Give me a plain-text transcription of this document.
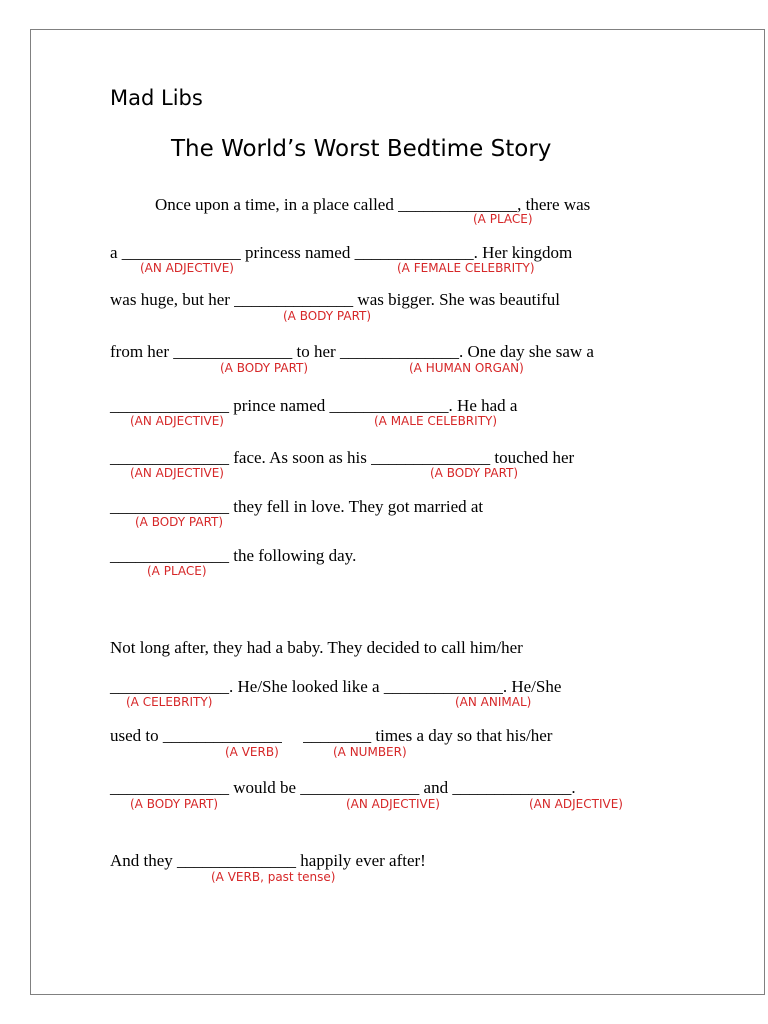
Mad Libs
The World’s Worst Bedtime Story
Once upon a time, in a place called ______________, there was
(A PLACE)
a ______________ princess named ______________. Her kingdom
(AN ADJECTIVE)	(A FEMALE CELEBRITY)
was huge, but her ______________ was bigger. She was beautiful
(A BODY PART)
from her ______________ to her ______________. One day she saw a
(A BODY PART)	(A HUMAN ORGAN)
______________ prince named ______________. He had a
(AN ADJECTIVE)	(A MALE CELEBRITY)
______________ face. As soon as his ______________ touched her
(AN ADJECTIVE)	(A BODY PART)
______________ they fell in love. They got married at
(A BODY PART)
______________ the following day.
(A PLACE)
Not long after, they had a baby. They decided to call him/her
______________. He/She looked like a ______________. He/She
(A CELEBRITY)	(AN ANIMAL)
used to ______________ ________ times a day so that his/her
(A VERB)	(A NUMBER)
______________ would be ______________ and ______________.
(A BODY PART)	(AN ADJECTIVE)	(AN ADJECTIVE)
And they ______________ happily ever after!
(A VERB, past tense)
